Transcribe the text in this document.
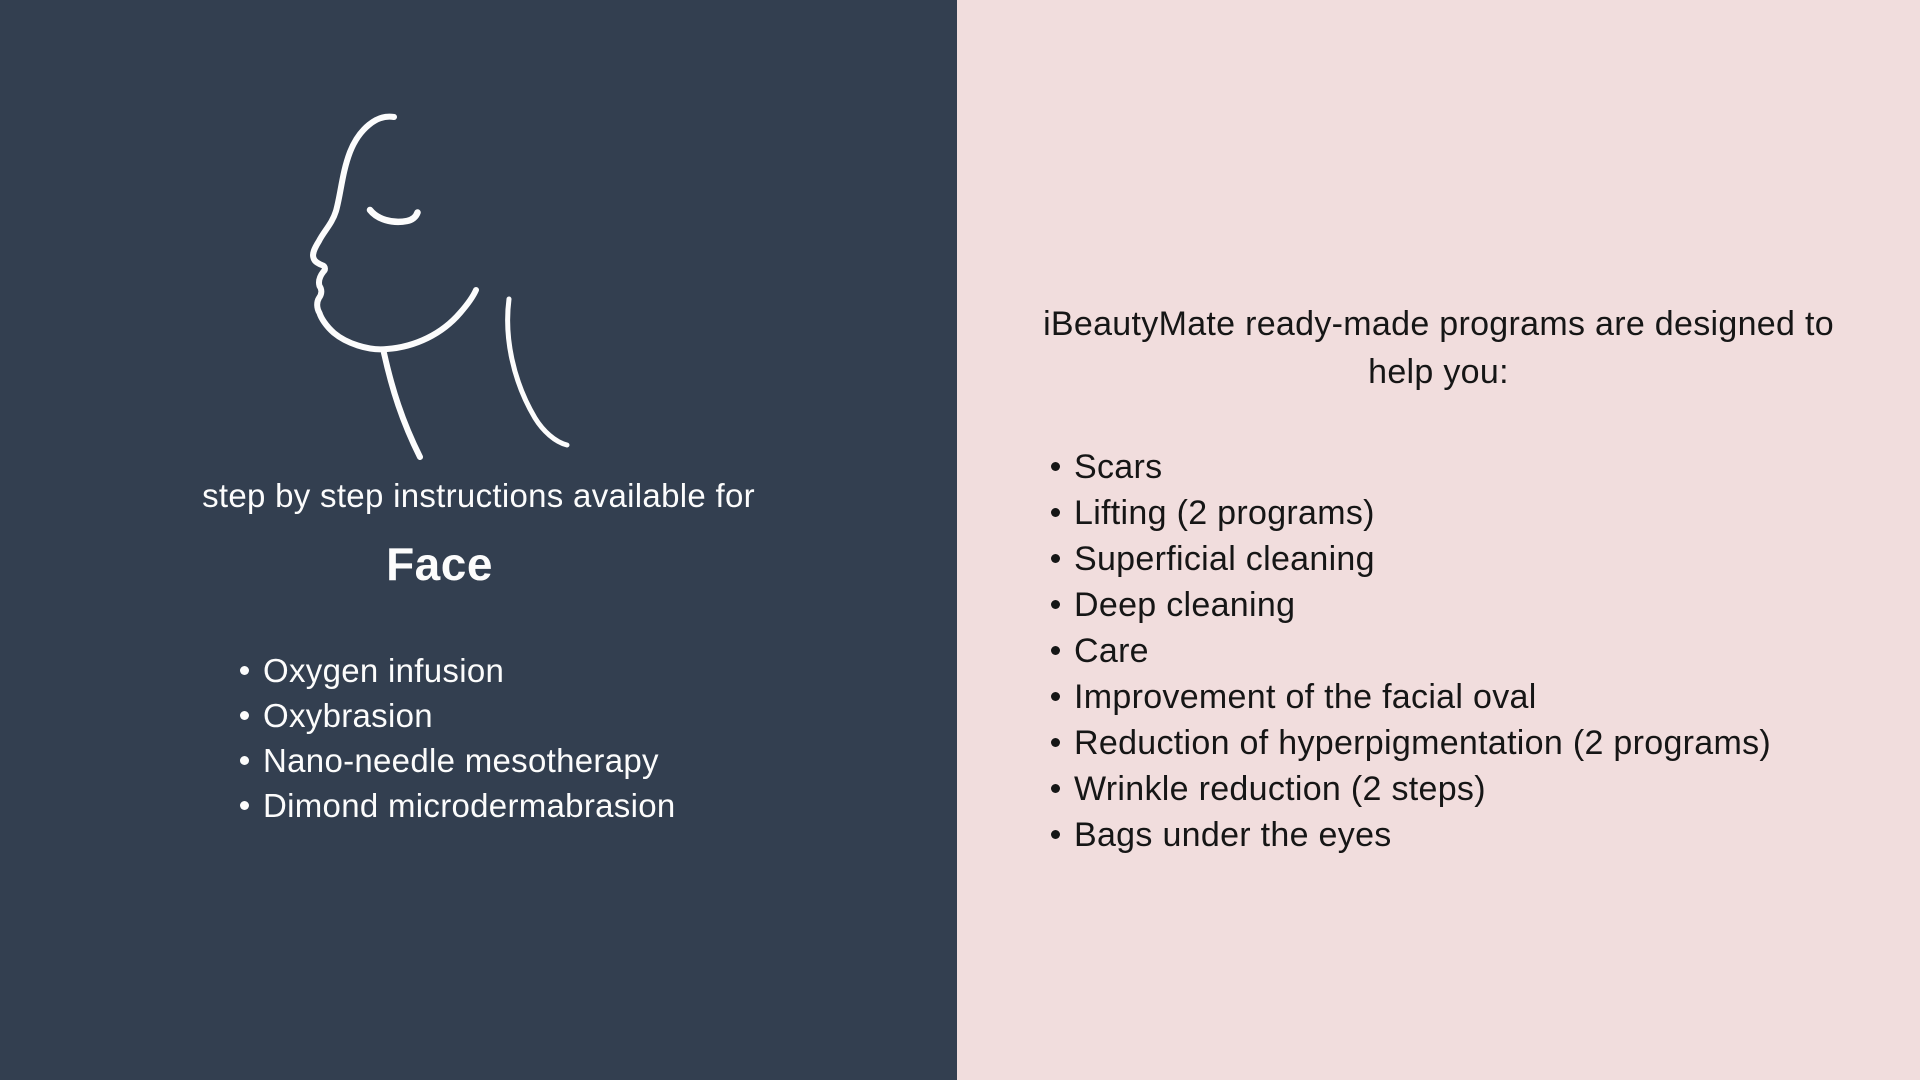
step by step instructions available for
Face
Oxygen infusion
Oxybrasion
Nano-needle mesotherapy
Dimond microdermabrasion
iBeautyMate ready-made programs are designed to
help you:
Scars
Lifting (2 programs)
Superficial cleaning
Deep cleaning
Care
Improvement of the facial oval
Reduction of hyperpigmentation (2 programs)
Wrinkle reduction (2 steps)
Bags under the eyes
